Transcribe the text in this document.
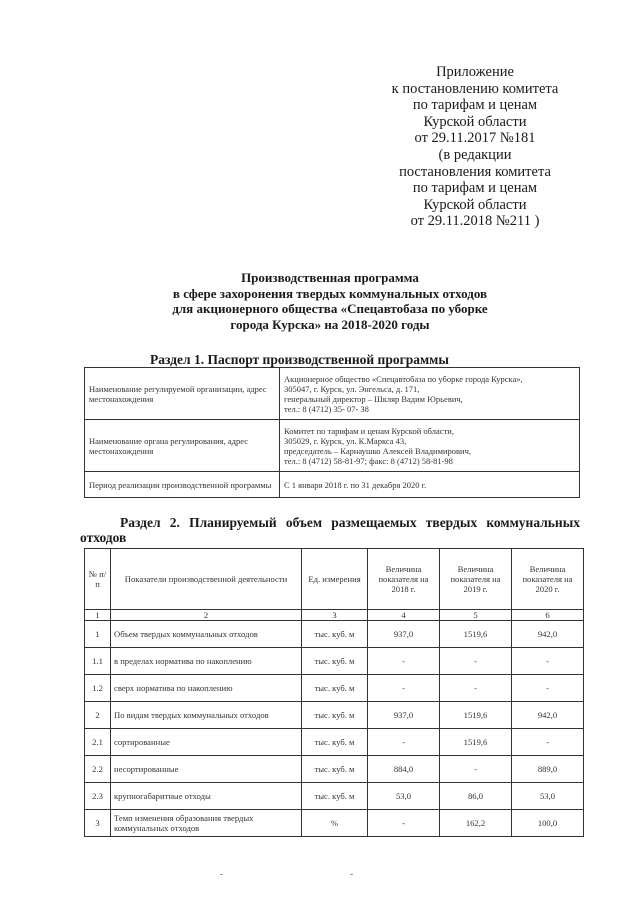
Приложение
к постановлению комитета
по тарифам и ценам
Курской области
от 29.11.2017 №181
(в редакции
постановления комитета
по тарифам и ценам
Курской области
от 29.11.2018 №211 )
Производственная программа
в сфере захоронения твердых коммунальных отходов
для акционерного общества «Спецавтобаза по уборке
города Курска» на 2018-2020 годы
Раздел 1. Паспорт производственной программы
Наименование регулируемой организации, адрес местонахождения	Акционерное общество «Спецавтобаза по уборке города Курска»,
305047, г. Курск, ул. Энгельса, д. 171,
генеральный директор – Шкляр Вадим Юрьевич,
тел.: 8 (4712) 35- 07- 38

Наименование органа регулирования, адрес местонахождения	Комитет по тарифам и ценам Курской области,
305029, г. Курск, ул. К.Маркса 43,
председатель – Карнаушко Алексей Владимирович,
тел.: 8 (4712) 58-81-97; факс: 8 (4712) 58-81-98

Период реализации производственной программы	С 1 января 2018 г. по 31 декабря 2020 г.
Раздел 2. Планируемый объем размещаемых твердых коммунальных отходов
№ п/п	Показатели производственной деятельности	Ед. измерения	Величина показателя на 2018 г.	Величина показателя на 2019 г.	Величина показателя на 2020 г.
1	2	3	4	5	6
1	Объем твердых коммунальных отходов	тыс. куб. м	937,0	1519,6	942,0
1.1	в пределах норматива по накоплению	тыс. куб. м	-	-	-
1.2	сверх норматива по накоплению	тыс. куб. м	-	-	-
2	По видам твердых коммунальных отходов	тыс. куб. м	937,0	1519,6	942,0
2.1	сортированные	тыс. куб. м	-	1519,6	-
2.2	несортированные	тыс. куб. м	884,0	-	889,0
2.3	крупногабаритные отходы	тыс. куб. м	53,0	86,0	53,0
3	Темп изменения образования твердых коммунальных отходов	%	-	162,2	100,0
